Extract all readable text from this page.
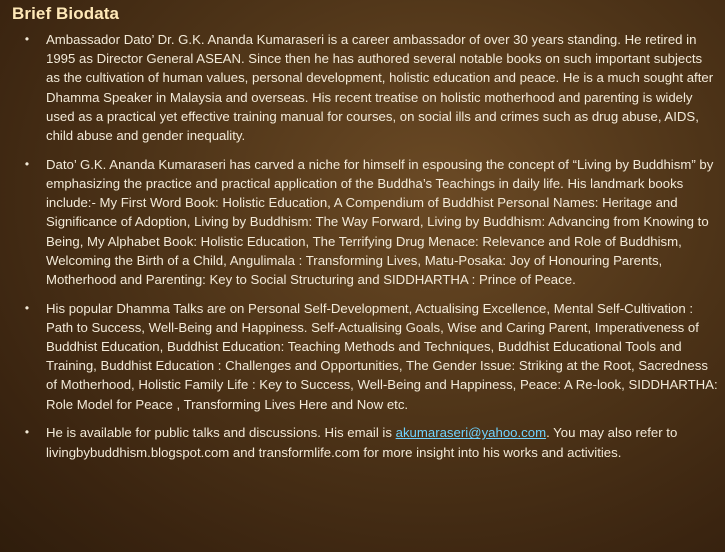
Brief Biodata
• Ambassador Dato’ Dr. G.K. Ananda Kumaraseri is a career ambassador of over 30 years standing. He retired in 1995 as Director General ASEAN. Since then he has authored several notable books on such important subjects as the cultivation of human values, personal development, holistic education and peace. He is a much sought after Dhamma Speaker in Malaysia and overseas. His recent treatise on holistic motherhood and parenting is widely used as a practical yet effective training manual for courses, on social ills and crimes such as drug abuse, AIDS, child abuse and gender inequality.
• Dato’ G.K. Ananda Kumaraseri has carved a niche for himself in espousing the concept of “Living by Buddhism” by emphasizing the practice and practical application of the Buddha’s Teachings in daily life. His landmark books include:- My First Word Book: Holistic Education, A Compendium of Buddhist Personal Names: Heritage and Significance of Adoption, Living by Buddhism: The Way Forward, Living by Buddhism: Advancing from Knowing to Being, My Alphabet Book: Holistic Education, The Terrifying Drug Menace: Relevance and Role of Buddhism, Welcoming the Birth of a Child, Angulimala : Transforming Lives, Matu-Posaka: Joy of Honouring Parents, Motherhood and Parenting: Key to Social Structuring and SIDDHARTHA : Prince of Peace.
• His popular Dhamma Talks are on Personal Self-Development, Actualising Excellence, Mental Self-Cultivation : Path to Success, Well-Being and Happiness. Self-Actualising Goals, Wise and Caring Parent, Imperativeness of Buddhist Education, Buddhist Education: Teaching Methods and Techniques, Buddhist Educational Tools and Training, Buddhist Education : Challenges and Opportunities, The Gender Issue: Striking at the Root, Sacredness of Motherhood, Holistic Family Life : Key to Success, Well-Being and Happiness, Peace: A Re-look, SIDDHARTHA: Role Model for Peace , Transforming Lives Here and Now etc.
• He is available for public talks and discussions. His email is akumaraseri@yahoo.com. You may also refer to livingbybuddhism.blogspot.com and transformlife.com for more insight into his works and activities.
